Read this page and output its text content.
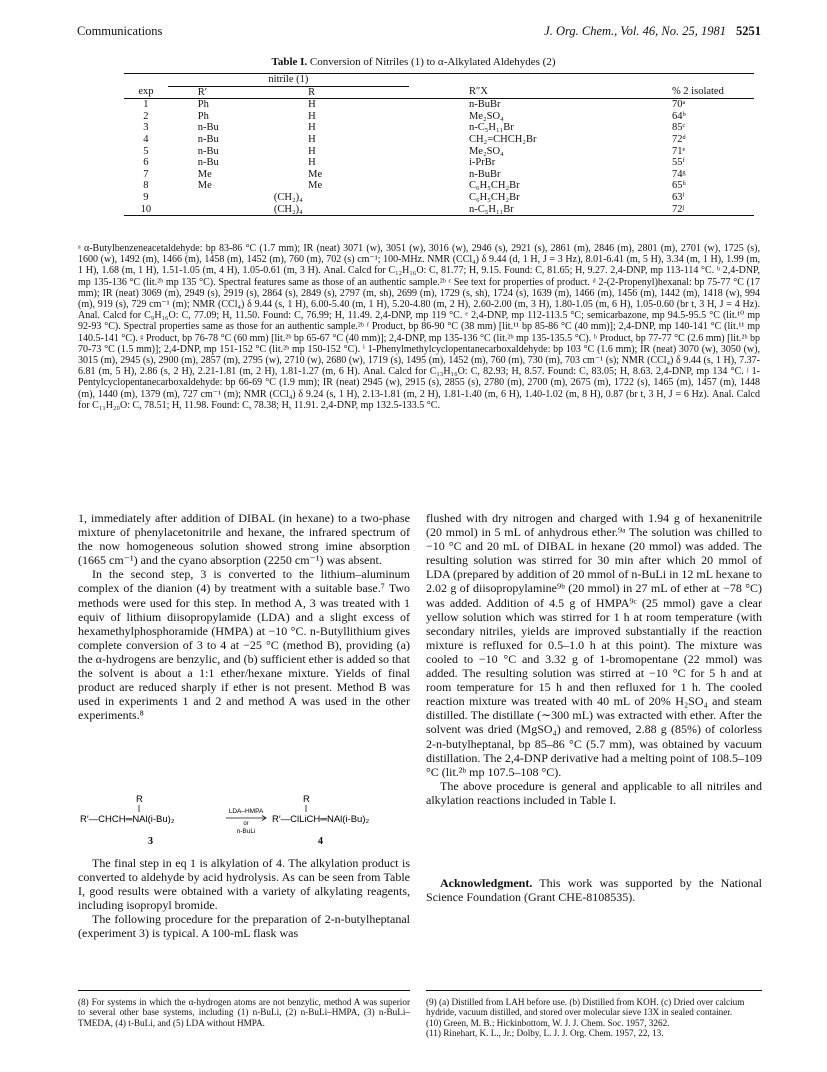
Communications	J. Org. Chem., Vol. 46, No. 25, 1981 5251
Table I. Conversion of Nitriles (1) to α-Alkylated Aldehydes (2)
	nitrile (1)			
exp	R′	R	R″X	% 2 isolated
1	Ph	H	n-BuBr	70ᵃ
2	Ph	H	Me₂SO₄	64ᵇ
3	n-Bu	H	n-C₅H₁₁Br	85ᶜ
4	n-Bu	H	CH₂=CHCH₂Br	72ᵈ
5	n-Bu	H	Me₂SO₄	71ᵉ
6	n-Bu	H	i-PrBr	55ᶠ
7	Me	Me	n-BuBr	74ᵍ
8	Me	Me	C₆H₅CH₂Br	65ʰ
9	(CH₂)₄		C₆H₅CH₂Br	63ⁱ
10	(CH₂)₄		n-C₅H₁₁Br	72ʲ
ᵃ α-Butylbenzeneacetaldehyde: bp 83-86 °C (1.7 mm); IR (neat) 3071 (w), 3051 (w), 3016 (w), 2946 (s), 2921 (s), 2861 (m), 2846 (m), 2801 (m), 2701 (w), 1725 (s), 1600 (w), 1492 (m), 1466 (m), 1458 (m), 1452 (m), 760 (m), 702 (s) cm⁻¹; 100-MHz. NMR (CCl₄) δ 9.44 (d, 1 H, J = 3 Hz), 8.01-6.41 (m, 5 H), 3.34 (m, 1 H), 1.99 (m, 1 H), 1.68 (m, 1 H), 1.51-1.05 (m, 4 H), 1.05-0.61 (m, 3 H). Anal. Calcd for C₁₂H₁₆O: C, 81.77; H, 9.15. Found: C, 81.65; H, 9.27. 2,4-DNP, mp 113-114 °C. ᵇ 2,4-DNP, mp 135-136 °C (lit.²ᵇ mp 135 °C). Spectral features same as those of an authentic sample.²ᵇ ᶜ See text for properties of product. ᵈ 2-(2-Propenyl)hexanal: bp 75-77 °C (17 mm); IR (neat) 3069 (m), 2949 (s), 2919 (s), 2864 (s), 2849 (s), 2797 (m, sh), 2699 (m), 1729 (s, sh), 1724 (s), 1639 (m), 1466 (m), 1456 (m), 1442 (m), 1418 (w), 994 (m), 919 (s), 729 cm⁻¹ (m); NMR (CCl₄) δ 9.44 (s, 1 H), 6.00-5.40 (m, 1 H), 5.20-4.80 (m, 2 H), 2.60-2.00 (m, 3 H), 1.80-1.05 (m, 6 H), 1.05-0.60 (br t, 3 H, J = 4 Hz). Anal. Calcd for C₉H₁₆O: C, 77.09; H, 11.50. Found: C, 76.99; H, 11.49. 2,4-DNP, mp 119 °C. ᵉ 2,4-DNP, mp 112-113.5 °C; semicarbazone, mp 94.5-95.5 °C (lit.¹⁰ mp 92-93 °C). Spectral properties same as those for an authentic sample.²ᵇ ᶠ Product, bp 86-90 °C (38 mm) [lit.¹¹ bp 85-86 °C (40 mm)]; 2,4-DNP, mp 140-141 °C (lit.¹¹ mp 140.5-141 °C). ᵍ Product, bp 76-78 °C (60 mm) [lit.²ᵇ bp 65-67 °C (40 mm)]; 2,4-DNP, mp 135-136 °C (lit.²ᵇ mp 135-135.5 °C). ʰ Product, bp 77-77 °C (2.6 mm) [lit.²ᵇ bp 70-73 °C (1.5 mm)]; 2,4-DNP, mp 151-152 °C (lit.²ᵇ mp 150-152 °C). ⁱ 1-Phenylmethylcyclopentanecarboxaldehyde: bp 103 °C (1.6 mm); IR (neat) 3070 (w), 3050 (w), 3015 (m), 2945 (s), 2900 (m), 2857 (m), 2795 (w), 2710 (w), 2680 (w), 1719 (s), 1495 (m), 1452 (m), 760 (m), 730 (m), 703 cm⁻¹ (s); NMR (CCl₄) δ 9.44 (s, 1 H), 7.37-6.81 (m, 5 H), 2.86 (s, 2 H), 2.21-1.81 (m, 2 H), 1.81-1.27 (m, 6 H). Anal. Calcd for C₁₃H₁₆O: C, 82.93; H, 8.57. Found: C, 83.05; H, 8.63. 2,4-DNP, mp 134 °C. ʲ 1-Pentylcyclopentanecarboxaldehyde: bp 66-69 °C (1.9 mm); IR (neat) 2945 (w), 2915 (s), 2855 (s), 2780 (m), 2700 (m), 2675 (m), 1722 (s), 1465 (m), 1457 (m), 1448 (m), 1440 (m), 1379 (m), 727 cm⁻¹ (m); NMR (CCl₄) δ 9.24 (s, 1 H), 2.13-1.81 (m, 2 H), 1.81-1.40 (m, 6 H), 1.40-1.02 (m, 8 H), 0.87 (br t, 3 H, J = 6 Hz). Anal. Calcd for C₁₁H₂₀O: C, 78.51; H, 11.98. Found: C, 78.38; H, 11.91. 2,4-DNP, mp 132.5-133.5 °C.

1, immediately after addition of DIBAL (in hexane) to a two-phase mixture of phenylacetonitrile and hexane, the infrared spectrum of the now homogeneous solution showed strong imine absorption (1665 cm⁻¹) and the cyano absorption (2250 cm⁻¹) was absent.

In the second step, 3 is converted to the lithium–aluminum complex of the dianion (4) by treatment with a suitable base.⁷ Two methods were used for this step. In method A, 3 was treated with 1 equiv of lithium diisopropylamide (LDA) and a slight excess of hexamethylphosphoramide (HMPA) at −10 °C. n-Butyllithium gives complete conversion of 3 to 4 at −25 °C (method B), providing (a) the α-hydrogens are benzylic, and (b) sufficient ether is added so that the solvent is about a 1:1 ether/hexane mixture. Yields of final product are reduced sharply if ether is not present. Method B was used in experiments 1 and 2 and method A was used in the other experiments.⁸

R
R′—CHCH═NAl(i-Bu)₂
LDA–HMPA
or
n-BuLi
R
R′—ClLiCH═NAl(i-Bu)₂
3	4

The final step in eq 1 is alkylation of 4. The alkylation product is converted to aldehyde by acid hydrolysis. As can be seen from Table I, good results were obtained with a variety of alkylating reagents, including isopropyl bromide.

The following procedure for the preparation of 2-n-butylheptanal (experiment 3) is typical. A 100-mL flask was

flushed with dry nitrogen and charged with 1.94 g of hexanenitrile (20 mmol) in 5 mL of anhydrous ether.⁹ᵃ The solution was chilled to −10 °C and 20 mL of DIBAL in hexane (20 mmol) was added. The resulting solution was stirred for 30 min after which 20 mmol of LDA (prepared by addition of 20 mmol of n-BuLi in 12 mL hexane to 2.02 g of diisopropylamine⁹ᵇ (20 mmol) in 27 mL of ether at −78 °C) was added. Addition of 4.5 g of HMPA⁹ᶜ (25 mmol) gave a clear yellow solution which was stirred for 1 h at room temperature (with secondary nitriles, yields are improved substantially if the reaction mixture is refluxed for 0.5–1.0 h at this point). The mixture was cooled to −10 °C and 3.32 g of 1-bromopentane (22 mmol) was added. The resulting solution was stirred at −10 °C for 5 h and at room temperature for 15 h and then refluxed for 1 h. The cooled reaction mixture was treated with 40 mL of 20% H₂SO₄ and steam distilled. The distillate (∼300 mL) was extracted with ether. After the solvent was dried (MgSO₄) and removed, 2.88 g (85%) of colorless 2-n-butylheptanal, bp 85–86 °C (5.7 mm), was obtained by vacuum distillation. The 2,4-DNP derivative had a melting point of 108.5–109 °C (lit.²ᵇ mp 107.5–108 °C).

The above procedure is general and applicable to all nitriles and alkylation reactions included in Table I.

Acknowledgment. This work was supported by the National Science Foundation (Grant CHE-8108535).
(8) For systems in which the α-hydrogen atoms are not benzylic, method A was superior to several other base systems, including (1) n-BuLi, (2) n-BuLi–HMPA, (3) n-BuLi–TMEDA, (4) t-BuLi, and (5) LDA without HMPA.

(9) (a) Distilled from LAH before use. (b) Distilled from KOH. (c) Dried over calcium hydride, vacuum distilled, and stored over molecular sieve 13X in sealed container.

(10) Green, M. B.; Hickinbottom, W. J. J. Chem. Soc. 1957, 3262.

(11) Rinehart, K. L., Jr.; Dolby, L. J. J. Org. Chem. 1957, 22, 13.
